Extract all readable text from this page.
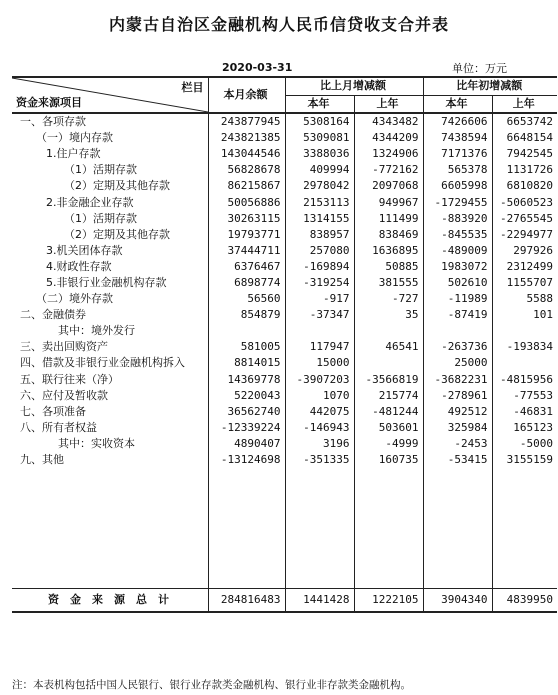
内蒙古自治区金融机构人民币信贷收支合并表
2020-03-31	单位：万元
栏目
资金来源项目	本月余额	比上月增减额		比年初增减额	
		本年	上年	本年	上年
一、各项存款	243877945	5308164	4343482	7426606	6653742
（一）境内存款	243821385	5309081	4344209	7438594	6648154
1.住户存款	143044546	3388036	1324906	7171376	7942545
（1）活期存款	56828678	409994	-772162	565378	1131726
（2）定期及其他存款	86215867	2978042	2097068	6605998	6810820
2.非金融企业存款	50056886	2153113	949967	-1729455	-5060523
（1）活期存款	30263115	1314155	111499	-883920	-2765545
（2）定期及其他存款	19793771	838957	838469	-845535	-2294977
3.机关团体存款	37444711	257080	1636895	-489009	297926
4.财政性存款	6376467	-169894	50885	1983072	2312499
5.非银行业金融机构存款	6898774	-319254	381555	502610	1155707
（二）境外存款	56560	-917	-727	-11989	5588
二、金融债券	854879	-37347	35	-87419	101
其中：境外发行					
三、卖出回购资产	581005	117947	46541	-263736	-193834
四、借款及非银行业金融机构拆入	8814015	15000		25000	
五、联行往来（净）	14369778	-3907203	-3566819	-3682231	-4815956
六、应付及暂收款	5220043	1070	215774	-278961	-77553
七、各项准备	36562740	442075	-481244	492512	-46831
八、所有者权益	-12339224	-146943	503601	325984	165123
其中：实收资本	4890407	3196	-4999	-2453	-5000
九、其他	-13124698	-351335	160735	-53415	3155159

资　金　来　源　总　计	284816483	1441428	1222105	3904340	4839950
注：本表机构包括中国人民银行、银行业存款类金融机构、银行业非存款类金融机构。
